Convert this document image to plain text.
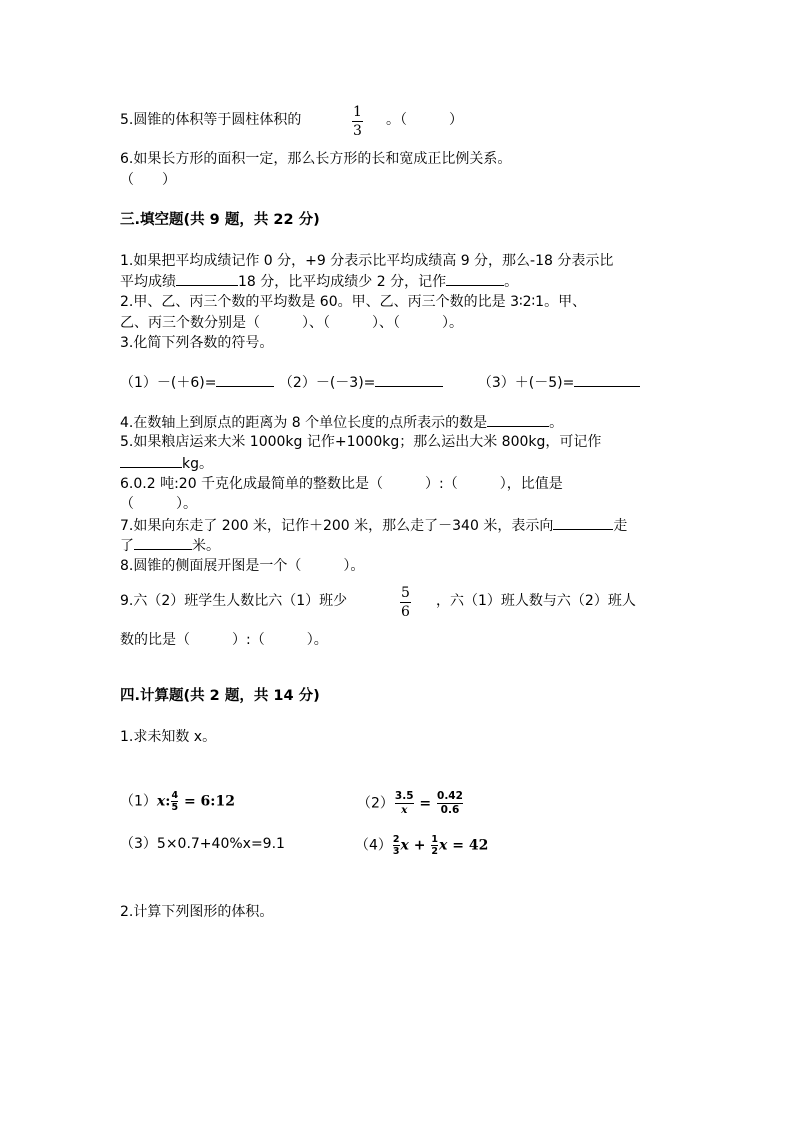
5.圆锥的体积等于圆柱体积的	1
3
。（　　　）
6.如果长方形的面积一定，那么长方形的长和宽成正比例关系。
（　　）
三.填空题(共 9 题，共 22 分)
1.如果把平均成绩记作 0 分，+9 分表示比平均成绩高 9 分，那么-18 分表示比
平均成绩	18 分，比平均成绩少 2 分，记作	。
2.甲、乙、丙三个数的平均数是 60。甲、乙、丙三个数的比是 3∶2∶1。甲、
乙、丙三个数分别是（　　　）、（　　　）、（　　　）。
3.化简下列各数的符号。
（1）－(＋6)=	（2）－(－3)=	（3）＋(－5)=
4.在数轴上到原点的距离为 8 个单位长度的点所表示的数是	。
5.如果粮店运来大米 1000kg 记作+1000kg；那么运出大米 800kg，可记作
kg。
6.0.2 吨:20 千克化成最简单的整数比是（　　　）:（　　　），比值是
（　　　）。
7.如果向东走了 200 米，记作＋200 米，那么走了－340 米，表示向	走
了	米。
8.圆锥的侧面展开图是一个（　　　）。
9.六（2）班学生人数比六（1）班少	5
6
，六（1）班人数与六（2）班人
数的比是（　　　）:（　　　）。
四.计算题(共 2 题，共 14 分)
1.求未知数 x。
（1）x: $\frac{4}{5}$ = 6:12	$(2) \frac{3.5}{x} = \frac{0.42}{0.6}$
（3）5×0.7+40%x=9.1	$(4) \frac{2}{3}$ $x + \frac{1}{2}$ x = 42
2.计算下列图形的体积。
